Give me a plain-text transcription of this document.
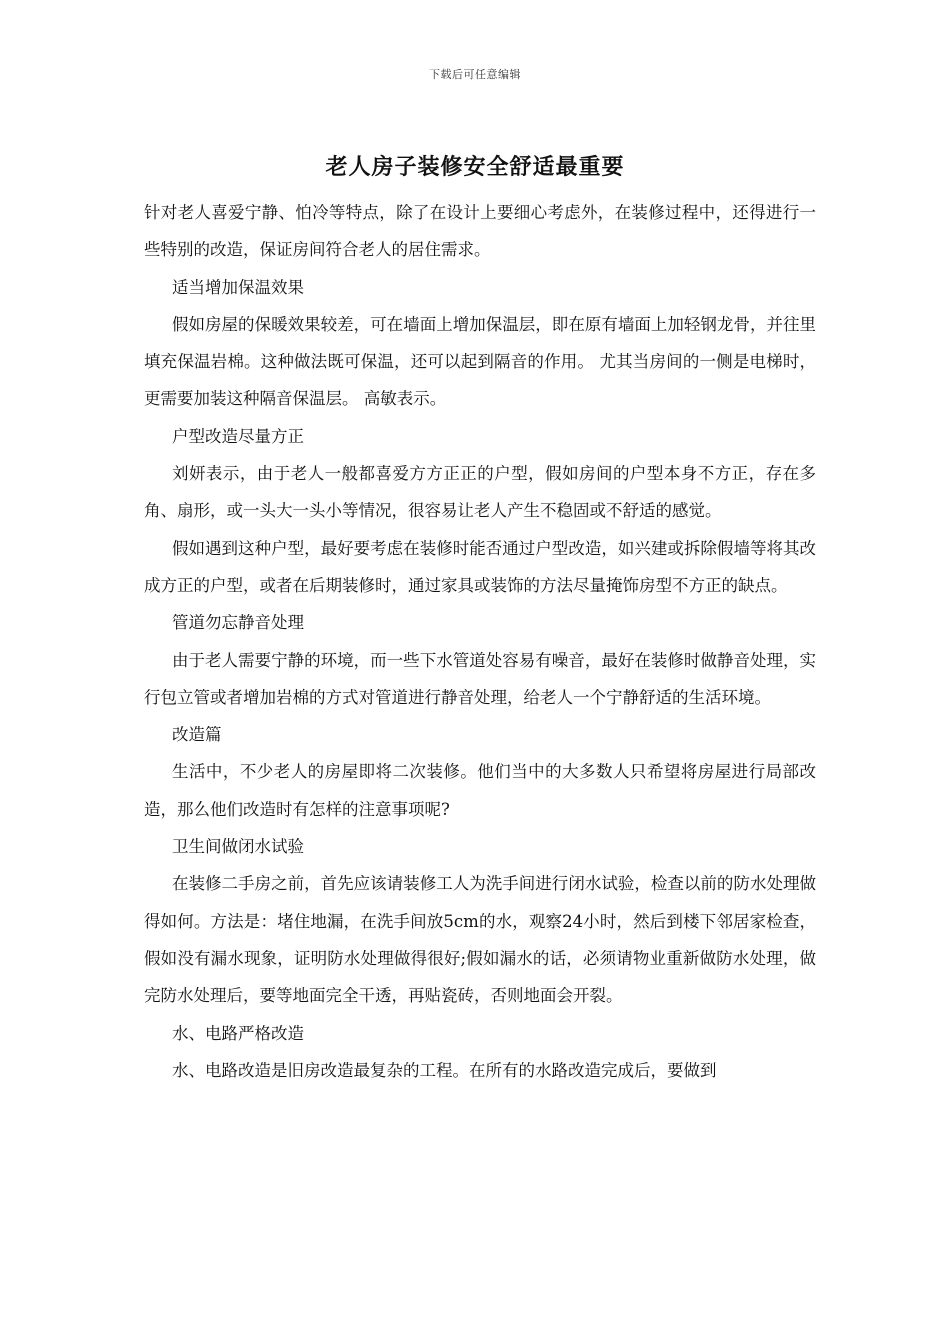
下载后可任意编辑
老人房子装修安全舒适最重要

针对老人喜爱宁静、怕冷等特点，除了在设计上要细心考虑外，在装修过程中，还得进行一些特别的改造，保证房间符合老人的居住需求。

适当增加保温效果

假如房屋的保暖效果较差，可在墙面上增加保温层，即在原有墙面上加轻钢龙骨，并往里填充保温岩棉。这种做法既可保温，还可以起到隔音的作用。 尤其当房间的一侧是电梯时，更需要加装这种隔音保温层。 高敏表示。

户型改造尽量方正

刘妍表示，由于老人一般都喜爱方方正正的户型，假如房间的户型本身不方正，存在多角、扇形，或一头大一头小等情况，很容易让老人产生不稳固或不舒适的感觉。

假如遇到这种户型，最好要考虑在装修时能否通过户型改造，如兴建或拆除假墙等将其改成方正的户型，或者在后期装修时，通过家具或装饰的方法尽量掩饰房型不方正的缺点。

管道勿忘静音处理

由于老人需要宁静的环境，而一些下水管道处容易有噪音，最好在装修时做静音处理，实行包立管或者增加岩棉的方式对管道进行静音处理，给老人一个宁静舒适的生活环境。

改造篇

生活中，不少老人的房屋即将二次装修。他们当中的大多数人只希望将房屋进行局部改造，那么他们改造时有怎样的注意事项呢?

卫生间做闭水试验

在装修二手房之前，首先应该请装修工人为洗手间进行闭水试验，检查以前的防水处理做得如何。方法是：堵住地漏，在洗手间放5cm的水，观察24小时，然后到楼下邻居家检查，假如没有漏水现象，证明防水处理做得很好;假如漏水的话，必须请物业重新做防水处理，做完防水处理后，要等地面完全干透，再贴瓷砖，否则地面会开裂。

水、电路严格改造

水、电路改造是旧房改造最复杂的工程。在所有的水路改造完成后，要做到
